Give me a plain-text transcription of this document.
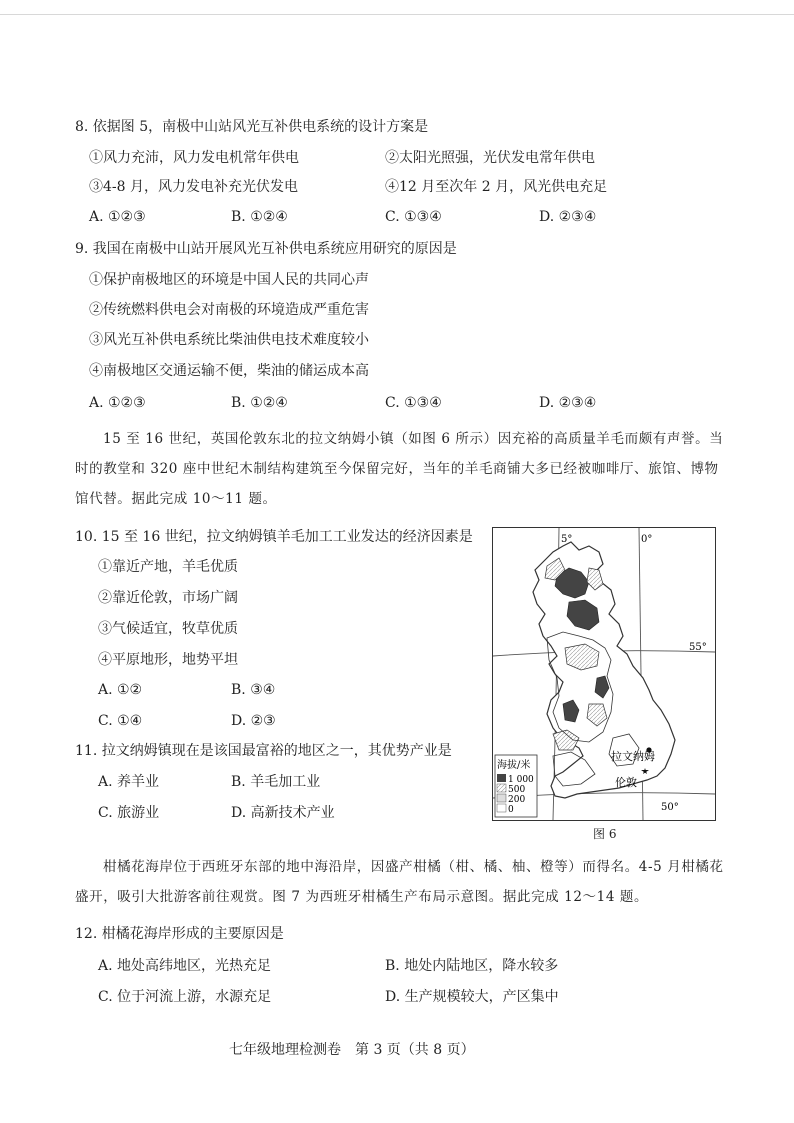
8. 依据图 5，南极中山站风光互补供电系统的设计方案是
①风力充沛，风力发电机常年供电	②太阳光照强，光伏发电常年供电
③4-8 月，风力发电补充光伏发电	④12 月至次年 2 月，风光供电充足
A. ①②③	B. ①②④	C. ①③④	D. ②③④
9. 我国在南极中山站开展风光互补供电系统应用研究的原因是
①保护南极地区的环境是中国人民的共同心声
②传统燃料供电会对南极的环境造成严重危害
③风光互补供电系统比柴油供电技术难度较小
④南极地区交通运输不便，柴油的储运成本高
A. ①②③	B. ①②④	C. ①③④	D. ②③④
15 至 16 世纪，英国伦敦东北的拉文纳姆小镇（如图 6 所示）因充裕的高质量羊毛而颇有声誉。当时的教堂和 320 座中世纪木制结构建筑至今保留完好，当年的羊毛商铺大多已经被咖啡厅、旅馆、博物馆代替。据此完成 10～11 题。
10. 15 至 16 世纪，拉文纳姆镇羊毛加工工业发达的经济因素是
①靠近产地，羊毛优质
②靠近伦敦，市场广阔
③气候适宜，牧草优质
④平原地形，地势平坦
A. ①②	B. ③④
C. ①④	D. ②③
11. 拉文纳姆镇现在是该国最富裕的地区之一，其优势产业是
A. 养羊业	B. 羊毛加工业
C. 旅游业	D. 高新技术产业
5°	0°
55°
50°
拉文纳姆
伦敦
海拔/米
1 000
500
200
0
图 6
柑橘花海岸位于西班牙东部的地中海沿岸，因盛产柑橘（柑、橘、柚、橙等）而得名。4-5 月柑橘花盛开，吸引大批游客前往观赏。图 7 为西班牙柑橘生产布局示意图。据此完成 12～14 题。
12. 柑橘花海岸形成的主要原因是
A. 地处高纬地区，光热充足	B. 地处内陆地区，降水较多
C. 位于河流上游，水源充足	D. 生产规模较大，产区集中
七年级地理检测卷　第 3 页（共 8 页）
